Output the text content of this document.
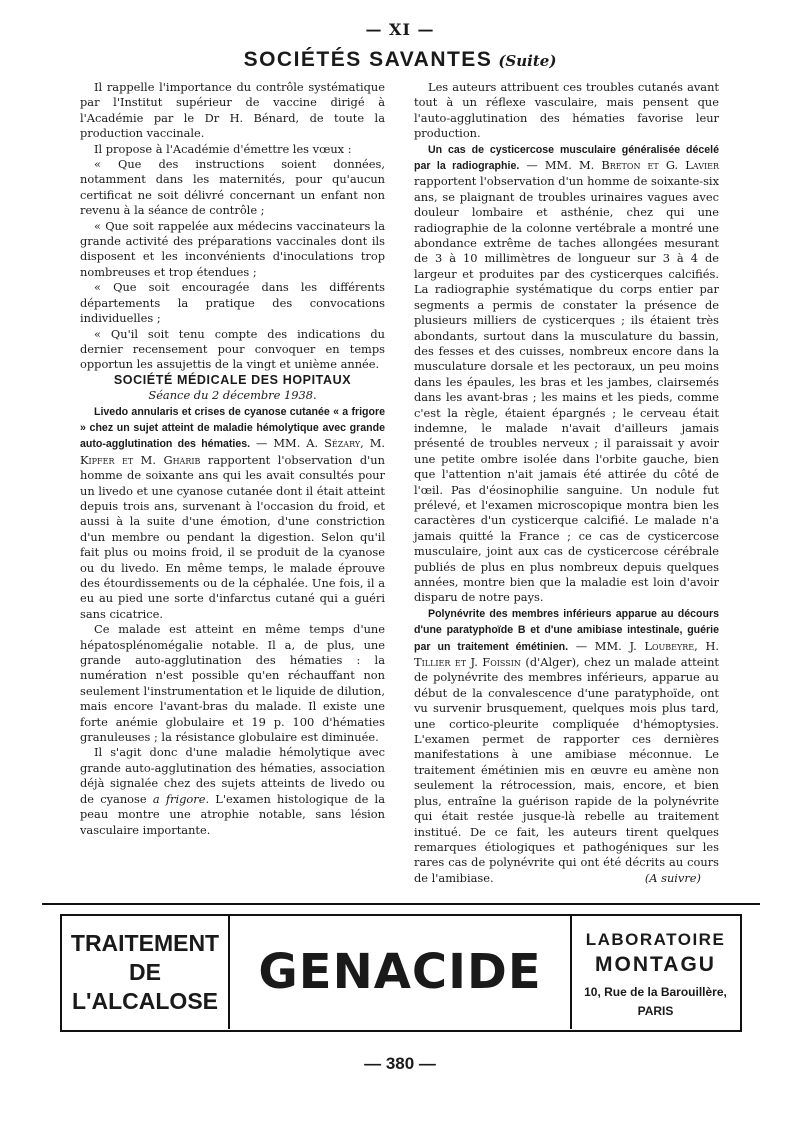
— XI —
SOCIÉTÉS SAVANTES (Suite)

Il rappelle l'importance du contrôle systématique par l'Institut supérieur de vaccine dirigé à l'Académie par le Dr H. Bénard, de toute la production vaccinale.

Il propose à l'Académie d'émettre les vœux :

« Que des instructions soient données, notamment dans les maternités, pour qu'aucun certificat ne soit délivré concernant un enfant non revenu à la séance de contrôle ;

« Que soit rappelée aux médecins vaccinateurs la grande activité des préparations vaccinales dont ils disposent et les inconvénients d'inoculations trop nombreuses et trop étendues ;

« Que soit encouragée dans les différents départements la pratique des convocations individuelles ;

« Qu'il soit tenu compte des indications du dernier recensement pour convoquer en temps opportun les assujettis de la vingt et unième année.

SOCIÉTÉ MÉDICALE DES HOPITAUX

Séance du 2 décembre 1938.

Livedo annularis et crises de cyanose cutanée « a frigore » chez un sujet atteint de maladie hémolytique avec grande auto-agglutination des hématies. — MM. A. Sézary, M. Kipfer et M. Gharib rapportent l'observation d'un homme de soixante ans qui les avait consultés pour un livedo et une cyanose cutanée dont il était atteint depuis trois ans, survenant à l'occasion du froid, et aussi à la suite d'une émotion, d'une constriction d'un membre ou pendant la digestion. Selon qu'il fait plus ou moins froid, il se produit de la cyanose ou du livedo. En même temps, le malade éprouve des étourdissements ou de la céphalée. Une fois, il a eu au pied une sorte d'infarctus cutané qui a guéri sans cicatrice.

Ce malade est atteint en même temps d'une hépatosplénomégalie notable. Il a, de plus, une grande auto-agglutination des hématies : la numération n'est possible qu'en réchauffant non seulement l'instrumentation et le liquide de dilution, mais encore l'avant-bras du malade. Il existe une forte anémie globulaire et 19 p. 100 d'hématies granuleuses ; la résistance globulaire est diminuée.

Il s'agit donc d'une maladie hémolytique avec grande auto-agglutination des hématies, association déjà signalée chez des sujets atteints de livedo ou de cyanose a frigore. L'examen histologique de la peau montre une atrophie notable, sans lésion vasculaire importante.

Les auteurs attribuent ces troubles cutanés avant tout à un réflexe vasculaire, mais pensent que l'auto-agglutination des hématies favorise leur production.

Un cas de cysticercose musculaire généralisée décelé par la radiographie. — MM. M. Breton et G. Lavier rapportent l'observation d'un homme de soixante-six ans, se plaignant de troubles urinaires vagues avec douleur lombaire et asthénie, chez qui une radiographie de la colonne vertébrale a montré une abondance extrême de taches allongées mesurant de 3 à 10 millimètres de longueur sur 3 à 4 de largeur et produites par des cysticerques calcifiés. La radiographie systématique du corps entier par segments a permis de constater la présence de plusieurs milliers de cysticerques ; ils étaient très abondants, surtout dans la musculature du bassin, des fesses et des cuisses, nombreux encore dans la musculature dorsale et les pectoraux, un peu moins dans les épaules, les bras et les jambes, clairsemés dans les avant-bras ; les mains et les pieds, comme c'est la règle, étaient épargnés ; le cerveau était indemne, le malade n'avait d'ailleurs jamais présenté de troubles nerveux ; il paraissait y avoir une petite ombre isolée dans l'orbite gauche, bien que l'attention n'ait jamais été attirée du côté de l'œil. Pas d'éosinophilie sanguine. Un nodule fut prélevé, et l'examen microscopique montra bien les caractères d'un cysticerque calcifié. Le malade n'a jamais quitté la France ; ce cas de cysticercose musculaire, joint aux cas de cysticercose cérébrale publiés de plus en plus nombreux depuis quelques années, montre bien que la maladie est loin d'avoir disparu de notre pays.

Polynévrite des membres inférieurs apparue au décours d'une paratyphoïde B et d'une amibiase intestinale, guérie par un traitement émétinien. — MM. J. Loubeyre, H. Tillier et J. Foissin (d'Alger), chez un malade atteint de polynévrite des membres inférieurs, apparue au début de la convalescence d'une paratyphoïde, ont vu survenir brusquement, quelques mois plus tard, une cortico-pleurite compliquée d'hémoptysies. L'examen permet de rapporter ces dernières manifestations à une amibiase méconnue. Le traitement émétinien mis en œuvre eu amène non seulement la rétrocession, mais, encore, et bien plus, entraîne la guérison rapide de la polynévrite qui était restée jusque-là rebelle au traitement institué. De ce fait, les auteurs tirent quelques remarques étiologiques et pathogéniques sur les rares cas de polynévrite qui ont été décrits au cours de l'amibiase.	(A suivre)

TRAITEMENT
DE
L'ALCALOSE
GENACIDE
LABORATOIRE
MONTAGU
10, Rue de la Barouillère,
PARIS
— 380 —
